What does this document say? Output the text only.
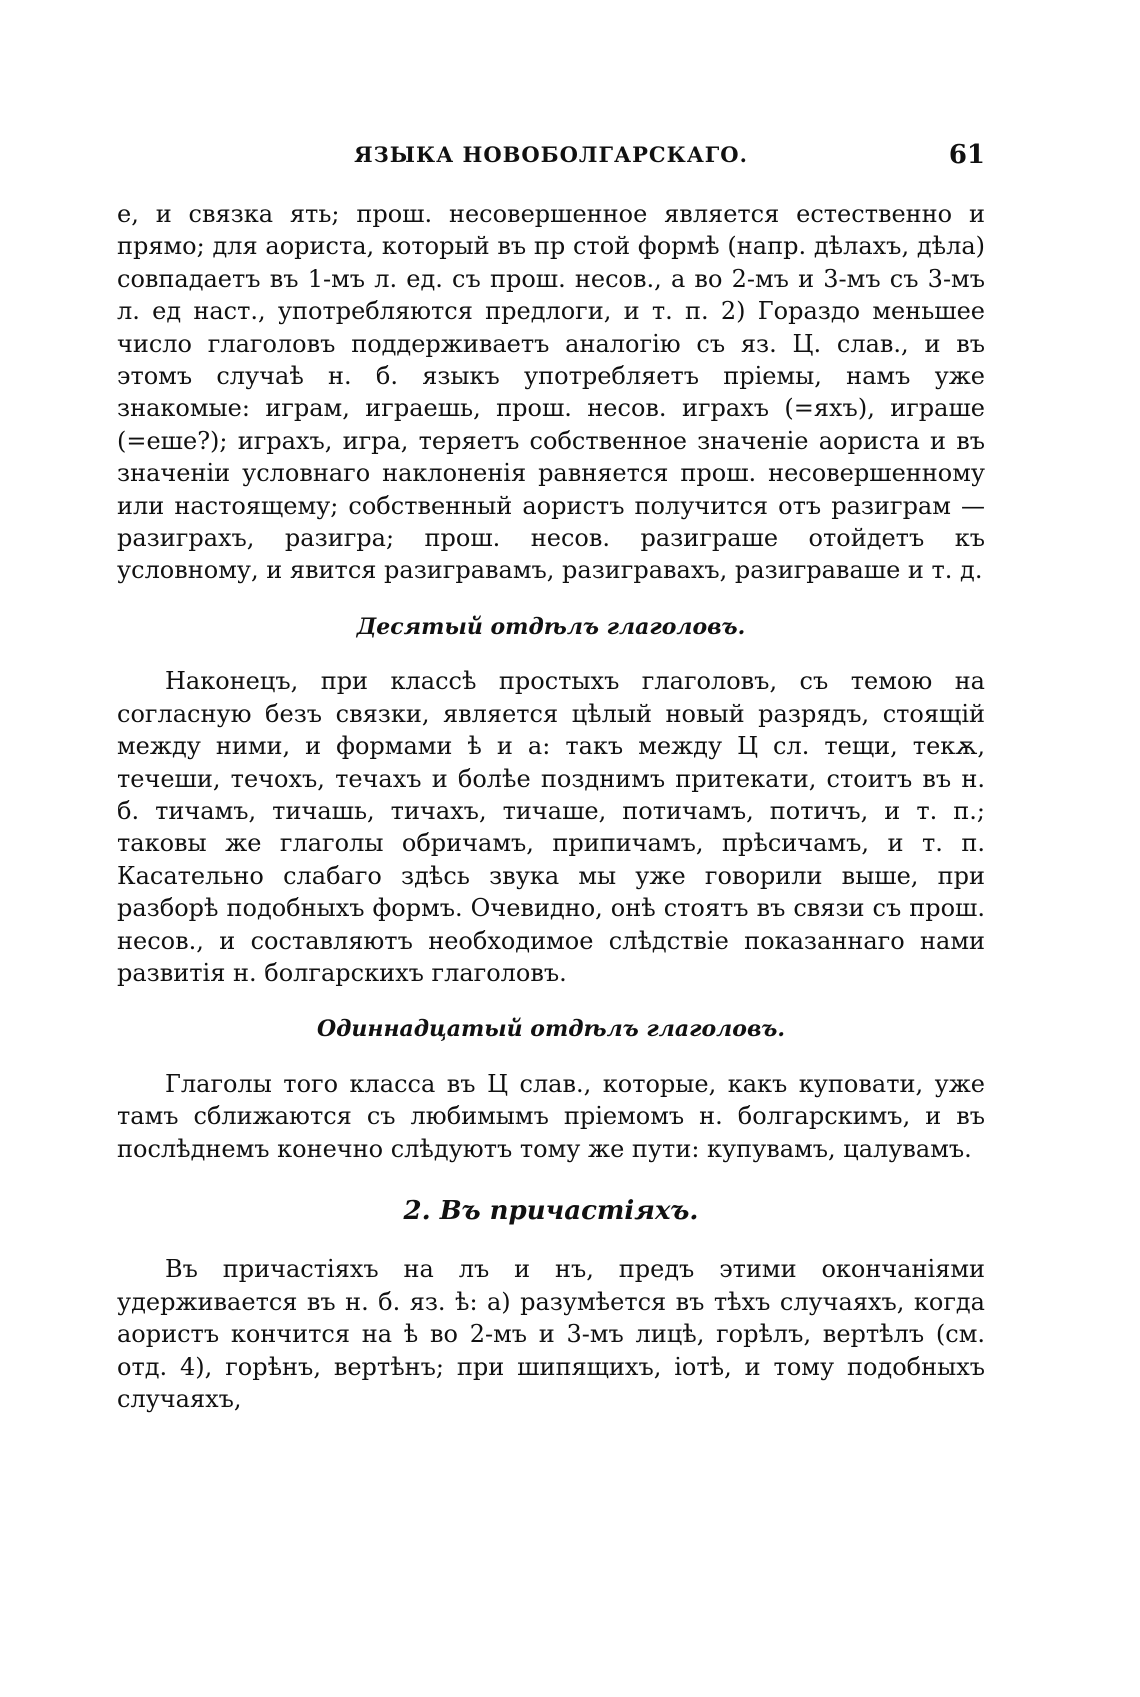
ЯЗЫКА НОВОБОЛГАРСКАГО.	61

е, и связка ять; прош. несовершенное является естественно и прямо; для аориста, который въ пр стой формѣ (напр. дѣлахъ, дѣла) совпадаетъ въ 1-мъ л. ед. съ прош. несов., а во 2-мъ и 3-мъ съ 3-мъ л. ед наст., употребляются предлоги, и т. п. 2) Гораздо меньшее число глаголовъ поддерживаетъ аналогію съ яз. Ц. слав., и въ этомъ случаѣ н. б. языкъ употребляетъ пріемы, намъ уже знакомые: играм, играешь, прош. несов. играхъ (=яхъ), играше (=еше?); играхъ, игра, теряетъ собственное значеніе аориста и въ значеніи условнаго наклоненія равняется прош. несовершенному или настоящему; собственный аористъ получится отъ разиграм — разиграхъ, разигра; прош. несов. разиграше отойдетъ къ условному, и явится разигравамъ, разигравахъ, разиграваше и т. д.

Десятый отдѣлъ глаголовъ.

Наконецъ, при классѣ простыхъ глаголовъ, съ темою на согласную безъ связки, является цѣлый новый разрядъ, стоящій между ними, и формами ѣ и а: такъ между Ц сл. тещи, текѫ, течеши, течохъ, течахъ и болѣе позднимъ притекати, стоитъ въ н. б. тичамъ, тичашь, тичахъ, тичаше, потичамъ, потичъ, и т. п.; таковы же глаголы обричамъ, припичамъ, прѣсичамъ, и т. п. Касательно слабаго здѣсь звука мы уже говорили выше, при разборѣ подобныхъ формъ. Очевидно, онѣ стоятъ въ связи съ прош. несов., и составляютъ необходимое слѣдствіе показаннаго нами развитія н. болгарскихъ глаголовъ.

Одиннадцатый отдѣлъ глаголовъ.

Глаголы того класса въ Ц слав., которые, какъ куповати, уже тамъ сближаются съ любимымъ пріемомъ н. болгарскимъ, и въ послѣднемъ конечно слѣдуютъ тому же пути: купувамъ, цалувамъ.

2. Въ причастіяхъ.

Въ причастіяхъ на лъ и нъ, предъ этими окончаніями удерживается въ н. б. яз. ѣ: а) разумѣется въ тѣхъ случаяхъ, когда аористъ кончится на ѣ во 2-мъ и 3-мъ лицѣ, горѣлъ, вертѣлъ (см. отд. 4), горѣнъ, вертѣнъ; при шипящихъ, іотѣ, и тому подобныхъ случаяхъ,
